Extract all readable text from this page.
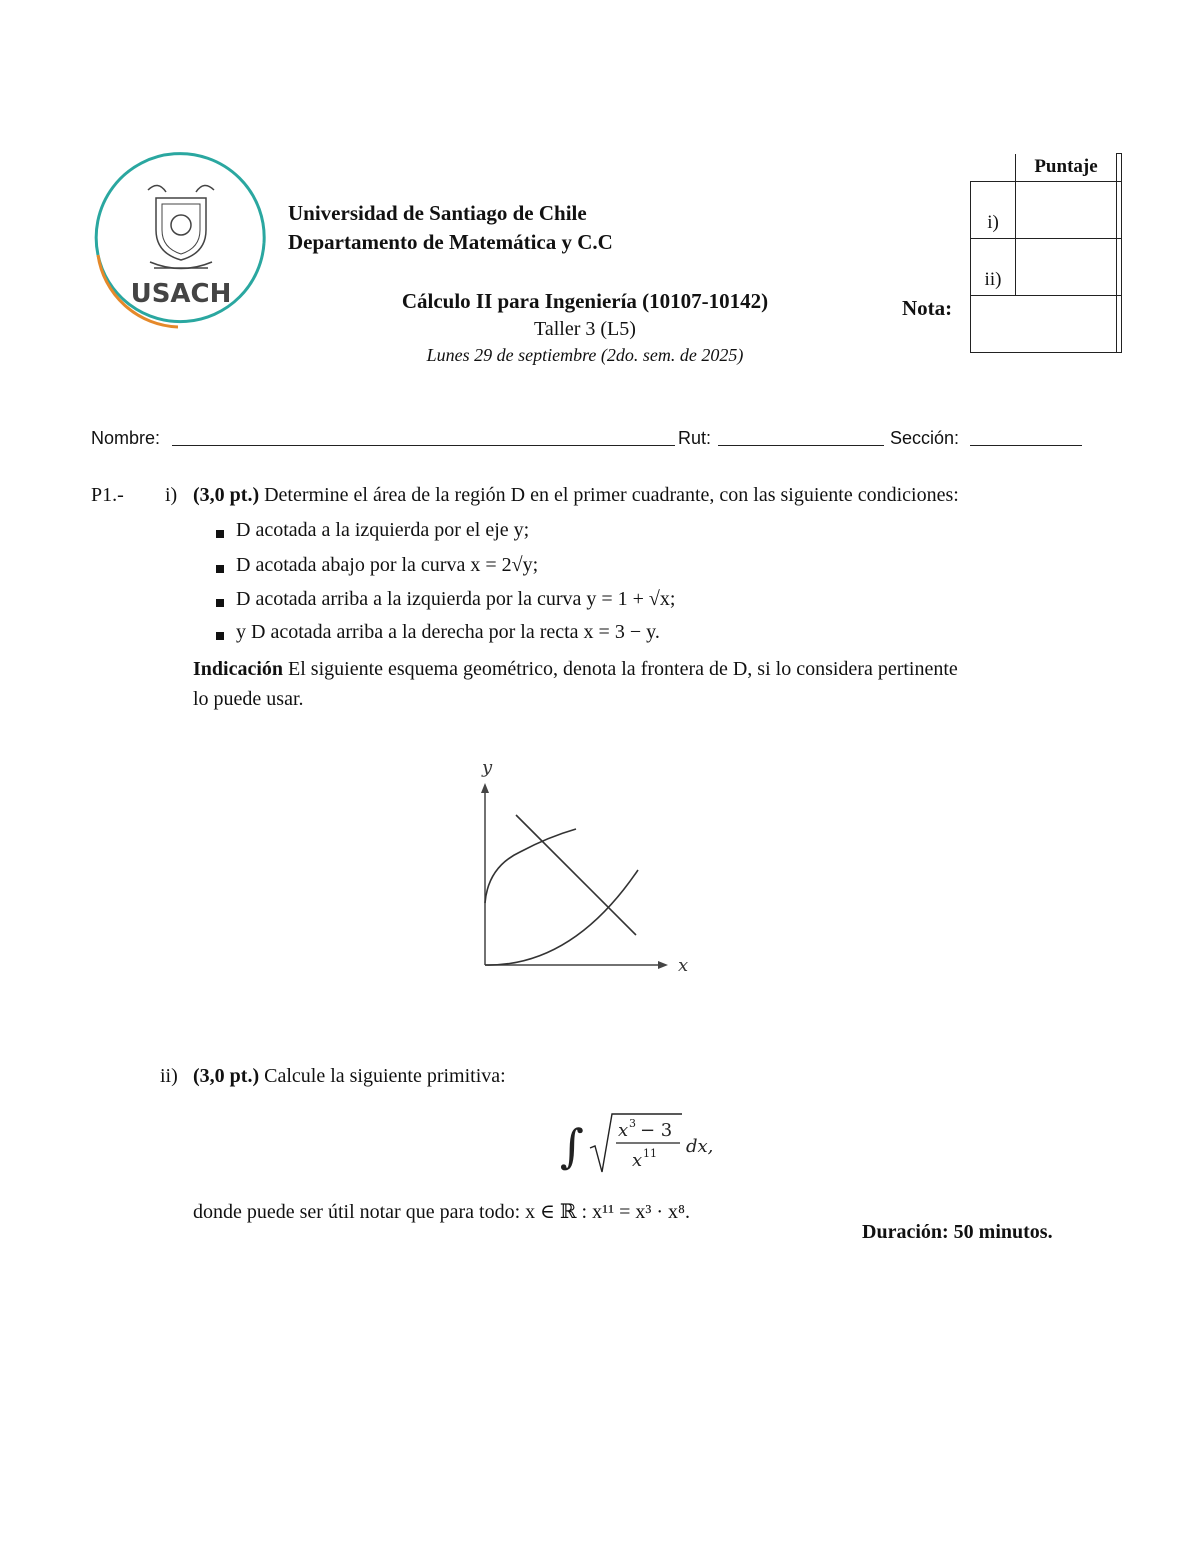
USACH
Universidad de Santiago de Chile
Departamento de Matemática y C.C
Cálculo II para Ingeniería (10107-10142)
Taller 3 (L5)
Lunes 29 de septiembre (2do. sem. de 2025)
	Puntaje	
i)		
ii)		

Nota:
Nombre:	Rut:	Sección:
P1.- i) (3,0 pt.) Determine el área de la región D en el primer cuadrante, con las siguiente condiciones:
D acotada a la izquierda por el eje y;
D acotada abajo por la curva x = 2√y;
D acotada arriba a la izquierda por la curva y = 1 + √x;
y D acotada arriba a la derecha por la recta x = 3 − y.
Indicación El siguiente esquema geométrico, denota la frontera de D, si lo considera pertinente
lo puede usar.
y
x
ii) (3,0 pt.) Calcule la siguiente primitiva:
∫ x 3 − 3
x 11 dx,
donde puede ser útil notar que para todo: x ∈ ℝ : x¹¹ = x³ · x⁸.
Duración: 50 minutos.
